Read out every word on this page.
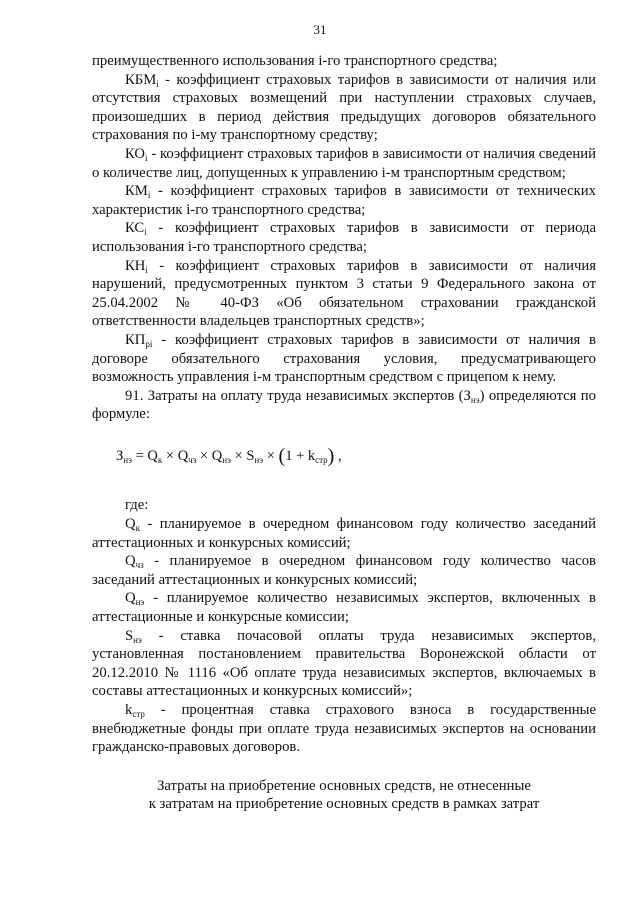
31

преимущественного использования i-го транспортного средства;

$КБМ_i$ - коэффициент страховых тарифов в зависимости от наличия или отсутствия страховых возмещений при наступлении страховых случаев, произошедших в период действия предыдущих договоров обязательного страхования по i-му транспортному средству;

$КО_i$ - коэффициент страховых тарифов в зависимости от наличия сведений о количестве лиц, допущенных к управлению i-м транспортным средством;

$КМ_i$ - коэффициент страховых тарифов в зависимости от технических характеристик i-го транспортного средства;

$КС_i$ - коэффициент страховых тарифов в зависимости от периода использования i-го транспортного средства;

$КН_i$ - коэффициент страховых тарифов в зависимости от наличия нарушений, предусмотренных пунктом 3 статьи 9 Федерального закона от 25.04.2002 № 40-ФЗ «Об обязательном страховании гражданской ответственности владельцев транспортных средств»;

$КП_{рi}$ - коэффициент страховых тарифов в зависимости от наличия в договоре обязательного страхования условия, предусматривающего возможность управления i-м транспортным средством с прицепом к нему.

91. Затраты на оплату труда независимых экспертов $(З_{нэ})$ определяются по формуле:

$З_{нэ} = Q_к \times Q_{чз} \times Q_{нэ} \times S_{нэ} \times (1 + k_{стр})$ ,

где:

$Q_к$ - планируемое в очередном финансовом году количество заседаний аттестационных и конкурсных комиссий;

$Q_{чз}$ - планируемое в очередном финансовом году количество часов заседаний аттестационных и конкурсных комиссий;

$Q_{нэ}$ - планируемое количество независимых экспертов, включенных в аттестационные и конкурсные комиссии;

$S_{нэ}$ - ставка почасовой оплаты труда независимых экспертов, установленная постановлением правительства Воронежской области от 20.12.2010 № 1116 «Об оплате труда независимых экспертов, включаемых в составы аттестационных и конкурсных комиссий»;

$k_{стр}$ - процентная ставка страхового взноса в государственные внебюджетные фонды при оплате труда независимых экспертов на основании гражданско-правовых договоров.

Затраты на приобретение основных средств, не отнесенные
к затратам на приобретение основных средств в рамках затрат
